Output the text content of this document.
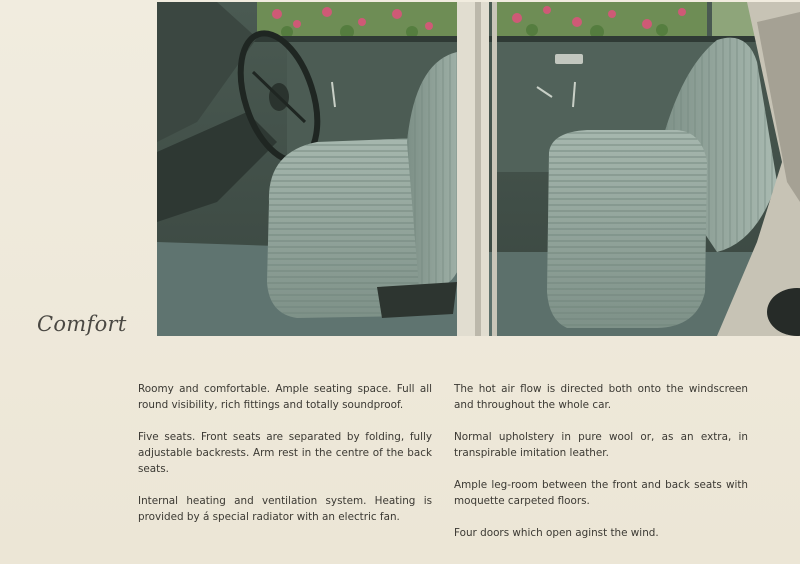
Comfort

Roomy and comfortable. Ample seating space. Full all round visibility, rich fittings and totally soundproof.

Five seats. Front seats are separated by folding, fully adjustable backrests. Arm rest in the centre of the back seats.

Internal heating and ventilation system. Heating is provided by á special radiator with an electric fan.

The hot air flow is directed both onto the windscreen and throughout the whole car.

Normal upholstery in pure wool or, as an extra, in transpirable imitation leather.

Ample leg-room between the front and back seats with moquette carpeted floors.

Four doors which open aginst the wind.
